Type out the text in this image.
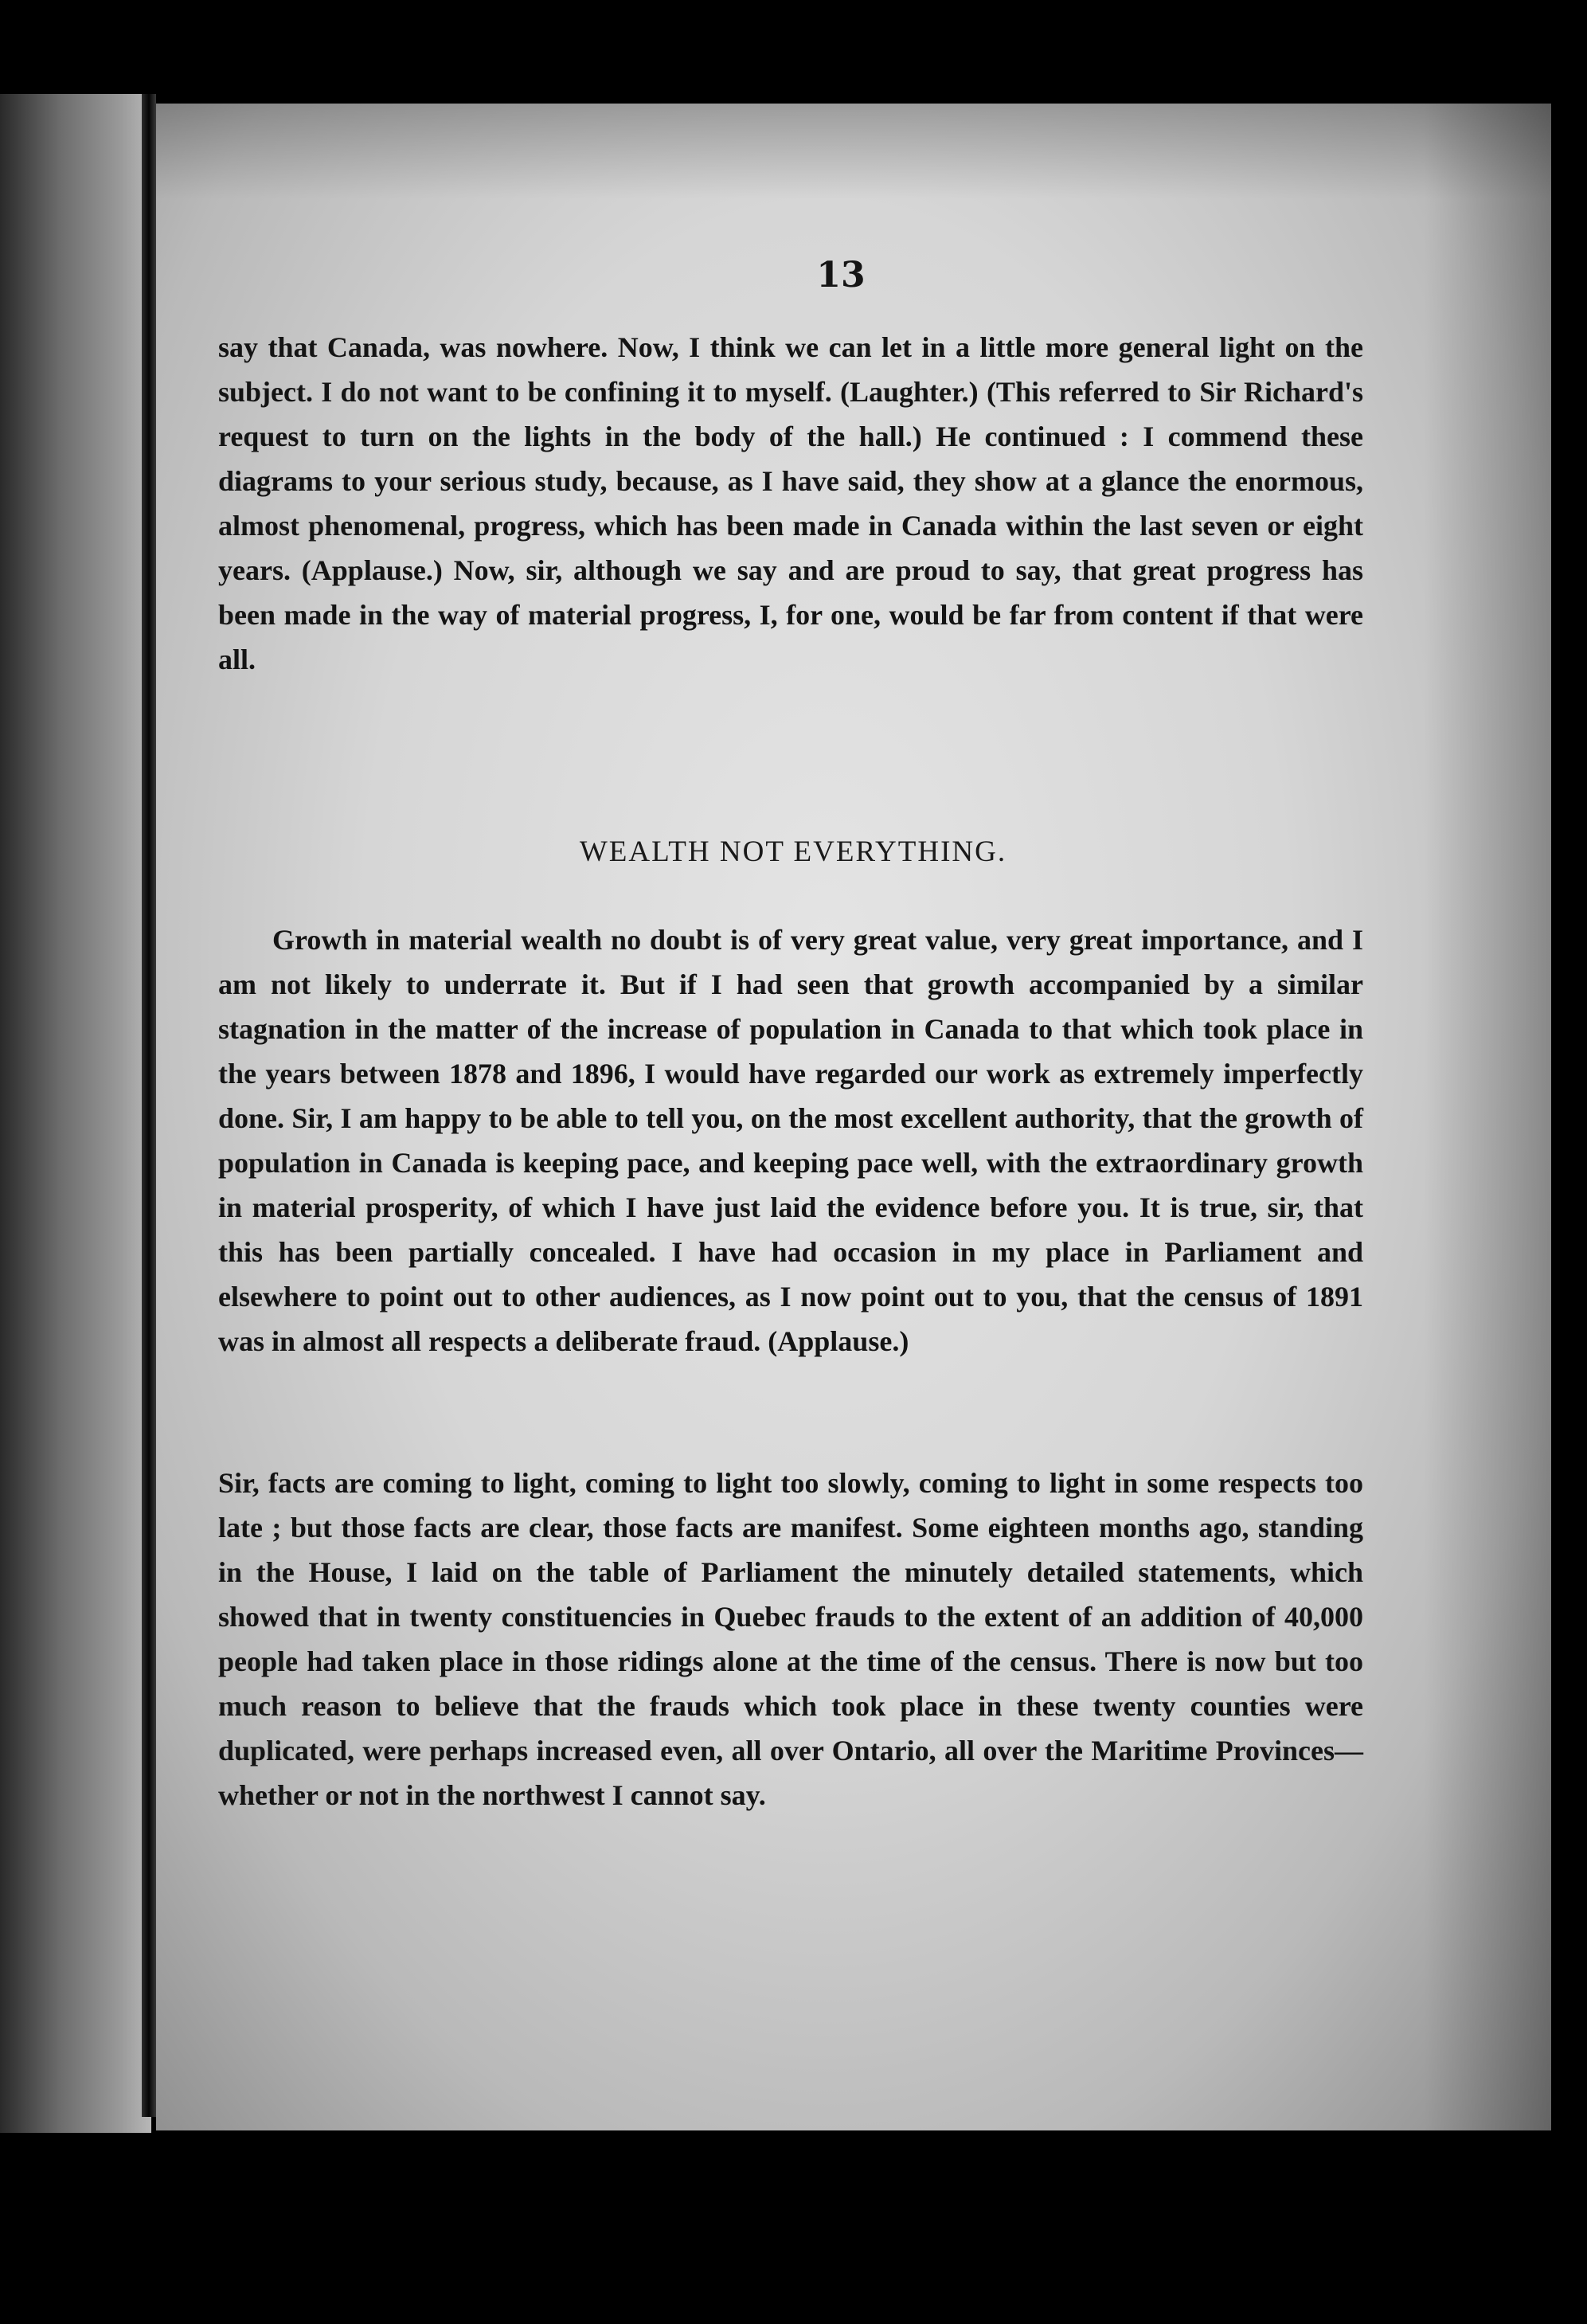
13

say that Canada, was nowhere. Now, I think we can let in a little more general light on the subject. I do not want to be confining it to myself. (Laughter.) (This referred to Sir Richard's request to turn on the lights in the body of the hall.) He continued : I commend these diagrams to your serious study, because, as I have said, they show at a glance the enormous, almost phenomenal, progress, which has been made in Canada within the last seven or eight years. (Applause.) Now, sir, although we say and are proud to say, that great progress has been made in the way of material progress, I, for one, would be far from content if that were all.

WEALTH NOT EVERYTHING.

Growth in material wealth no doubt is of very great value, very great importance, and I am not likely to underrate it. But if I had seen that growth accompanied by a similar stagnation in the matter of the increase of population in Canada to that which took place in the years between 1878 and 1896, I would have regarded our work as extremely imperfectly done. Sir, I am happy to be able to tell you, on the most excellent authority, that the growth of population in Canada is keeping pace, and keeping pace well, with the extraordinary growth in material prosperity, of which I have just laid the evidence before you. It is true, sir, that this has been partially concealed. I have had occasion in my place in Parliament and elsewhere to point out to other audiences, as I now point out to you, that the census of 1891 was in almost all respects a deliberate fraud. (Applause.)

Sir, facts are coming to light, coming to light too slowly, coming to light in some respects too late ; but those facts are clear, those facts are manifest. Some eighteen months ago, standing in the House, I laid on the table of Parliament the minutely detailed statements, which showed that in twenty constituencies in Quebec frauds to the extent of an addition of 40,000 people had taken place in those ridings alone at the time of the census. There is now but too much reason to believe that the frauds which took place in these twenty counties were duplicated, were perhaps increased even, all over Ontario, all over the Maritime Provinces—whether or not in the northwest I cannot say.
